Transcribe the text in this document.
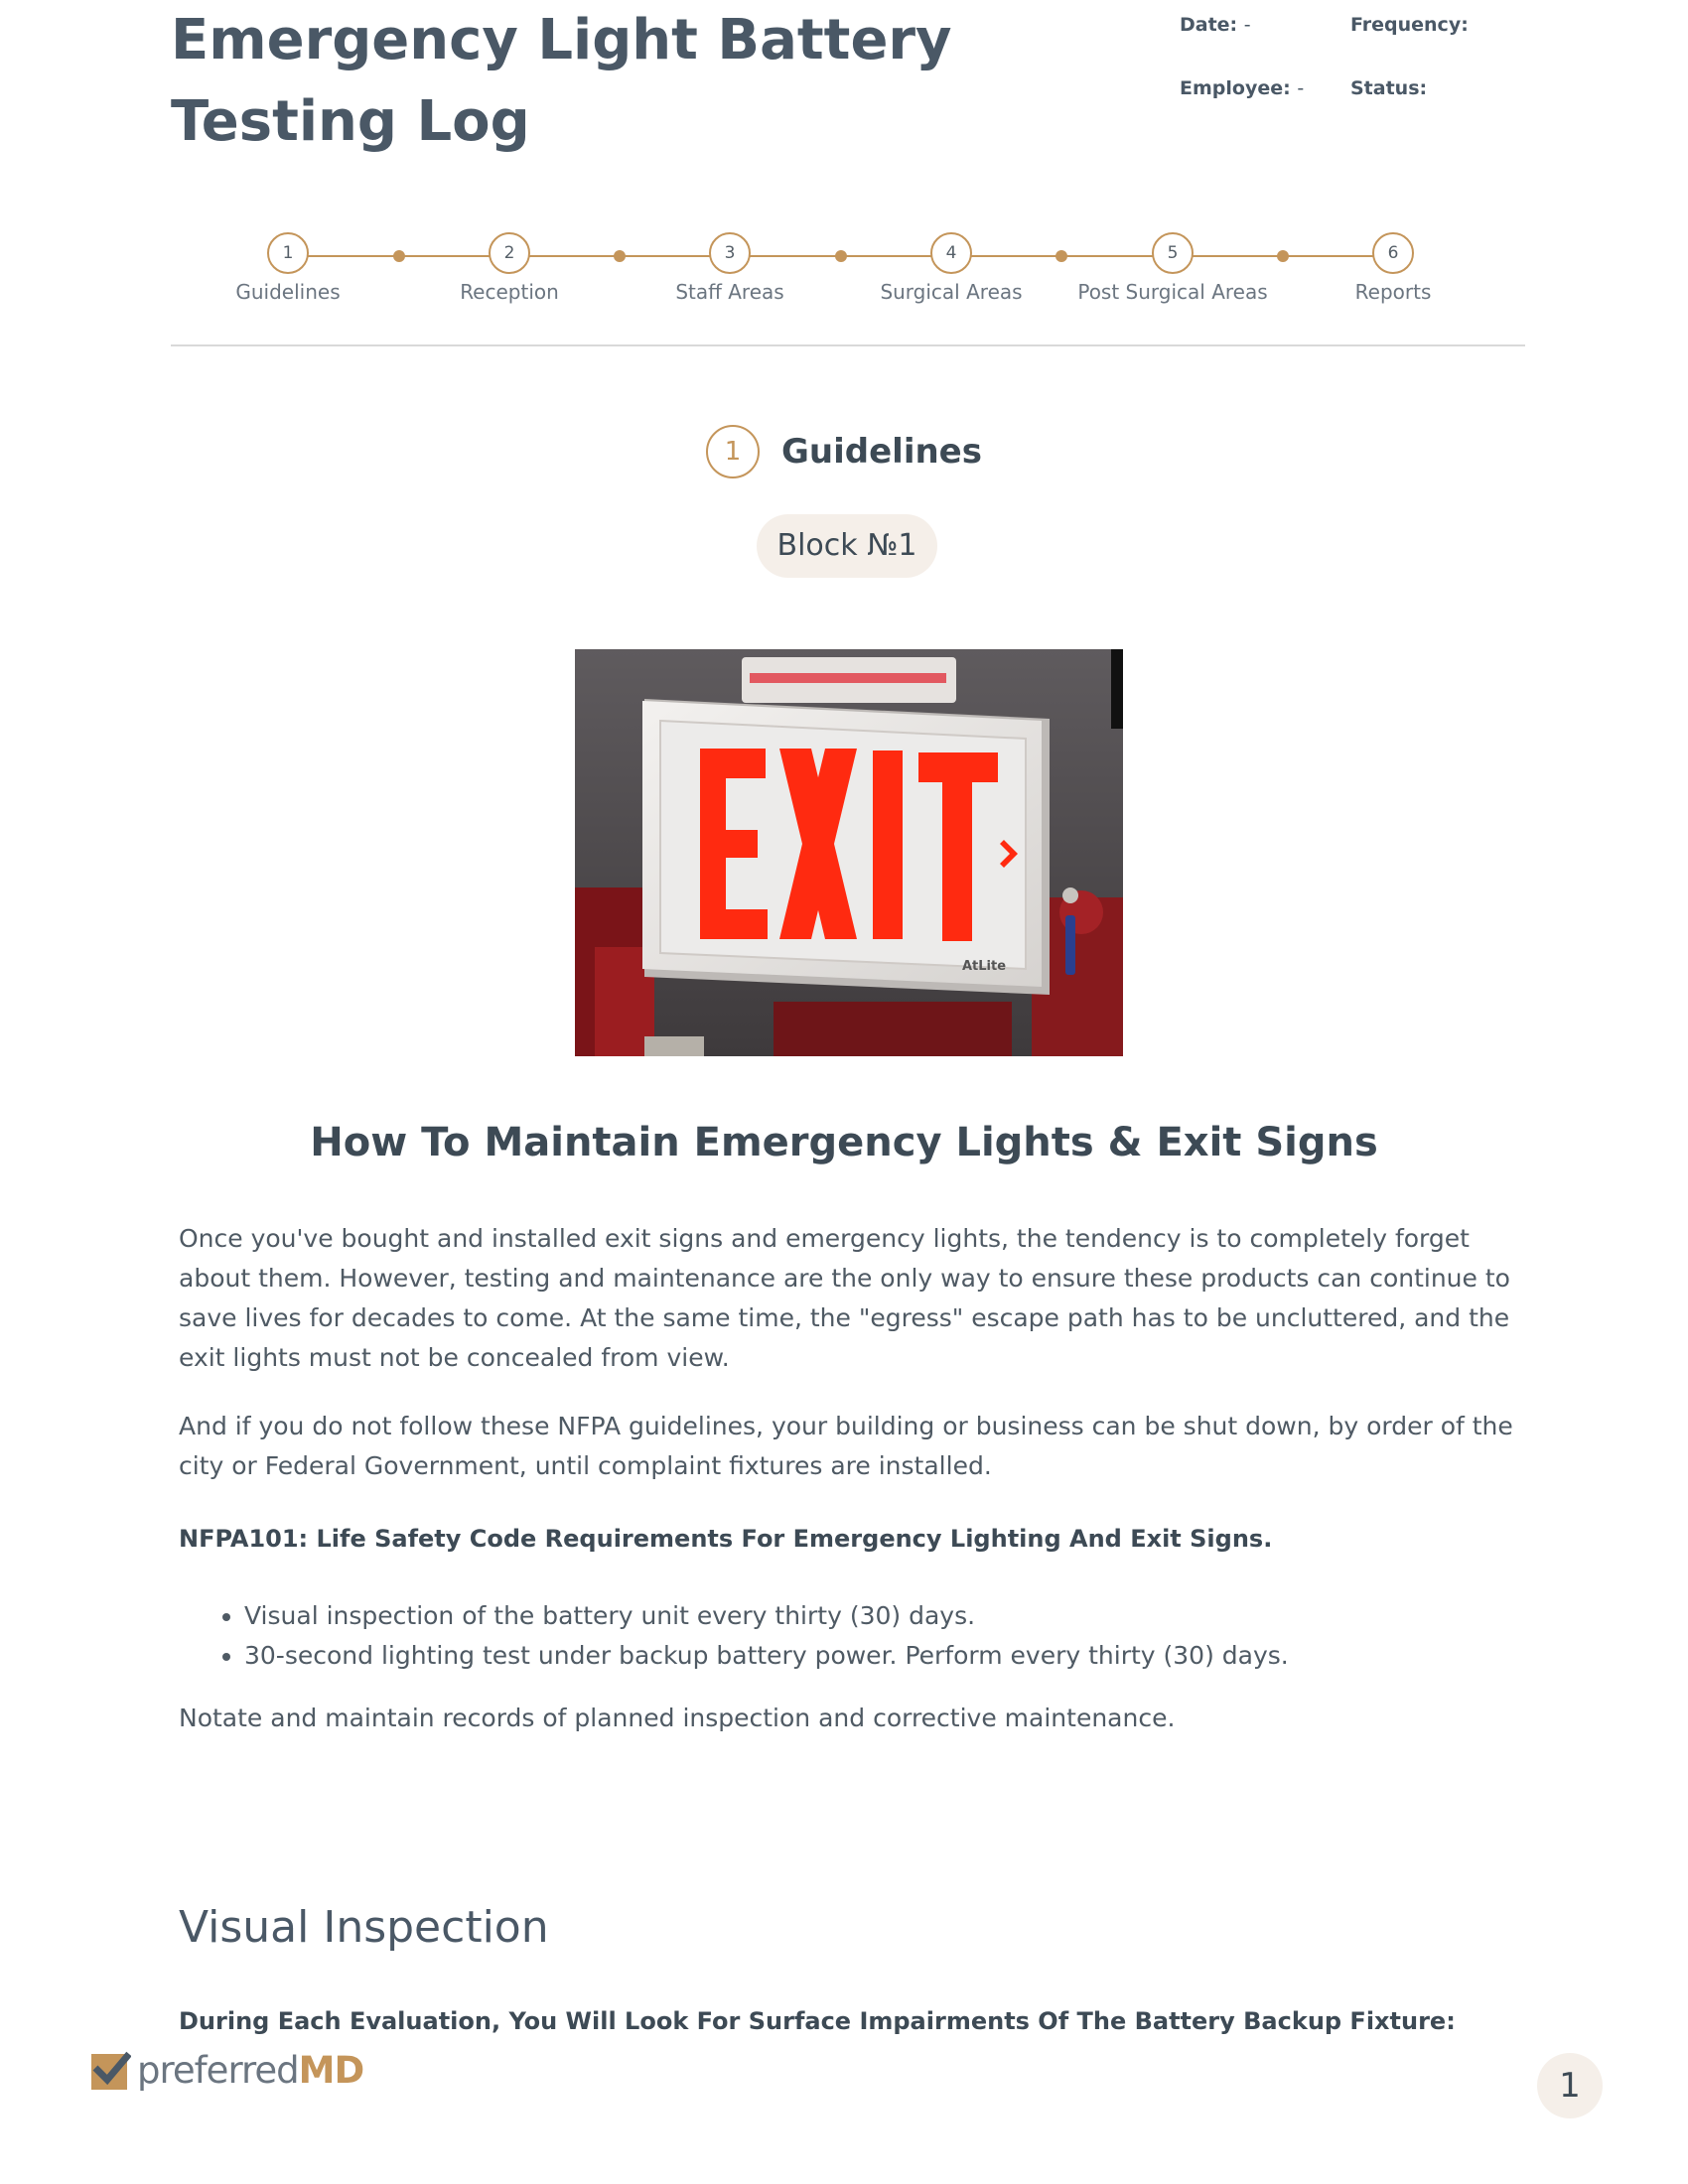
Emergency Light Battery Testing Log
Date: -	Frequency:
Employee: - Status:
1
Guidelines
2
Reception
3
Staff Areas
4
Surgical Areas
5
Post Surgical Areas
6
Reports
1	Guidelines
Block №1
AtLite
How To Maintain Emergency Lights & Exit Signs

Once you've bought and installed exit signs and emergency lights, the tendency is to completely forget about them. However, testing and maintenance are the only way to ensure these products can continue to save lives for decades to come. At the same time, the "egress" escape path has to be uncluttered, and the exit lights must not be concealed from view.

And if you do not follow these NFPA guidelines, your building or business can be shut down, by order of the city or Federal Government, until complaint fixtures are installed.

NFPA101: Life Safety Code Requirements For Emergency Lighting And Exit Signs.
• Visual inspection of the battery unit every thirty (30) days.
• 30-second lighting test under backup battery power. Perform every thirty (30) days.

Notate and maintain records of planned inspection and corrective maintenance.

Visual Inspection
During Each Evaluation, You Will Look For Surface Impairments Of The Battery Backup Fixture:
preferredMD	1
